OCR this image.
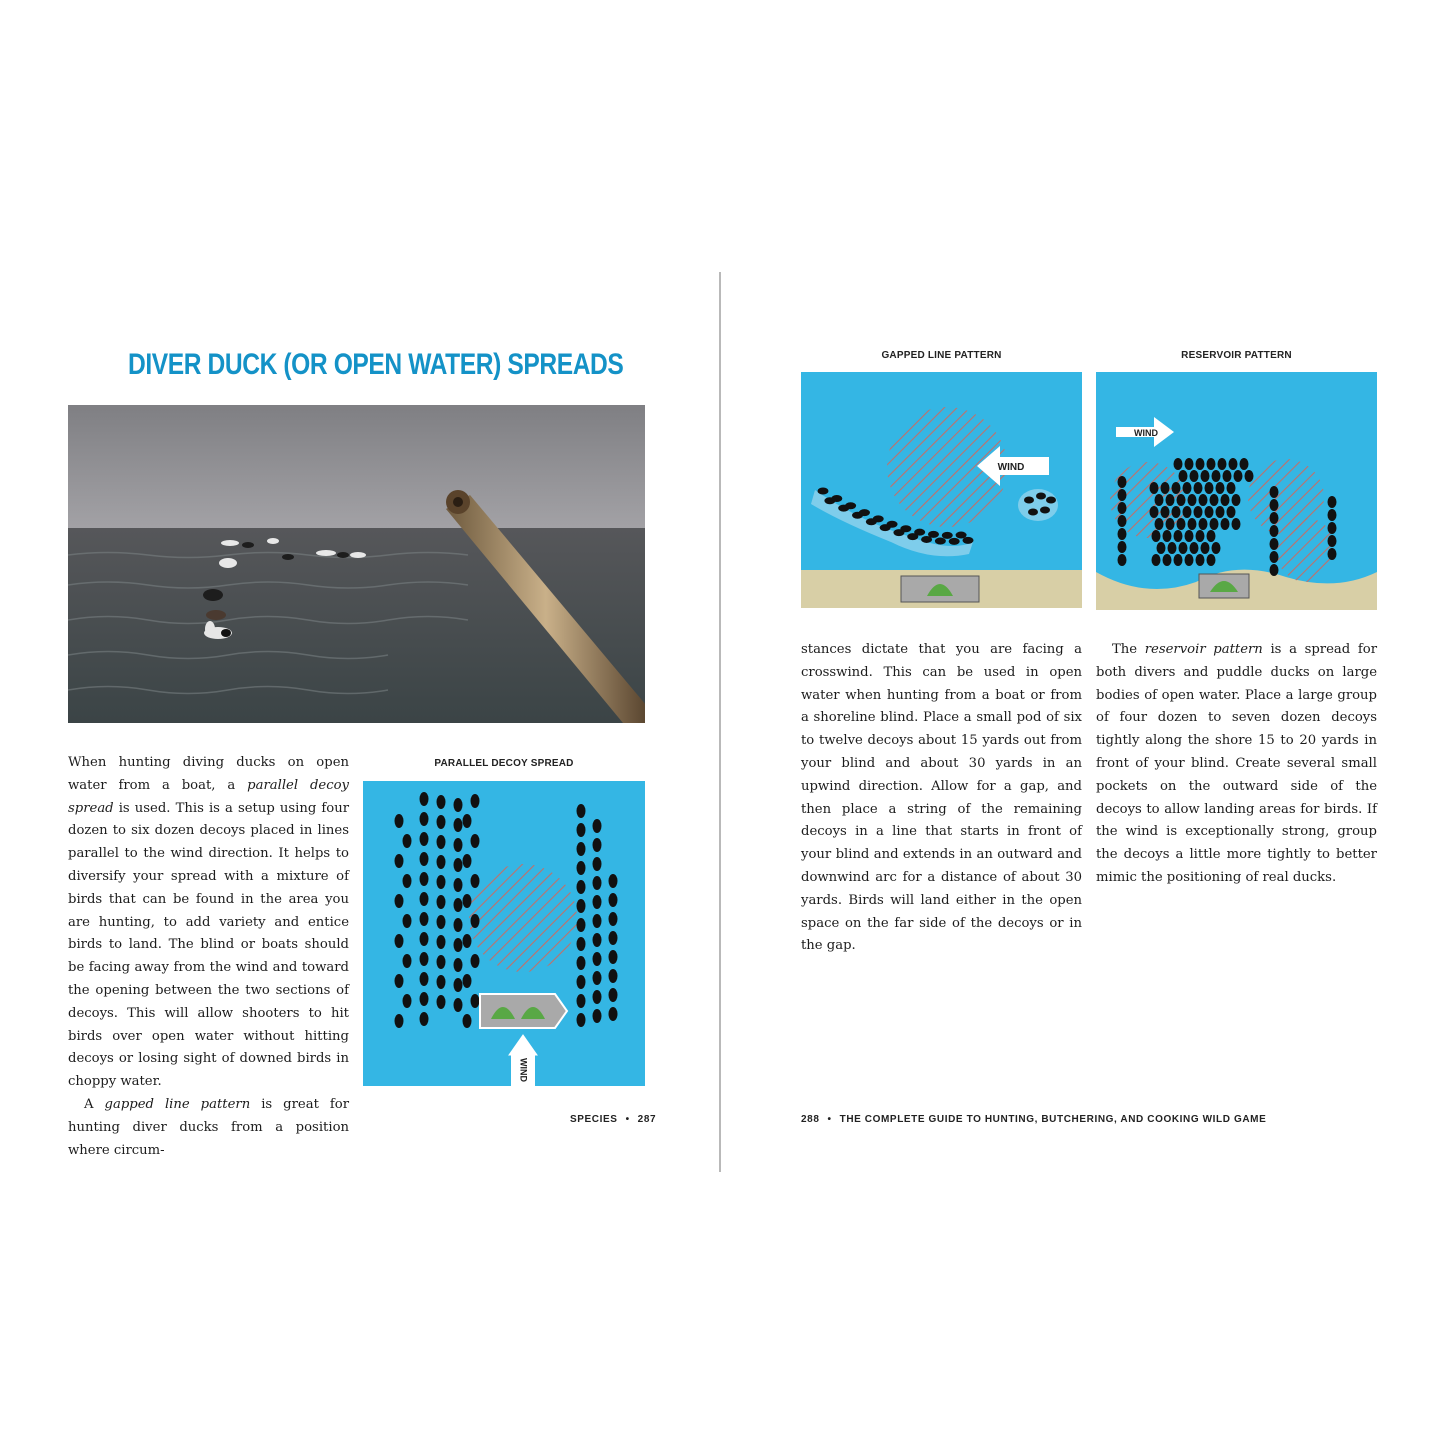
DIVER DUCK (OR OPEN WATER) SPREADS

When hunting diving ducks on open water from a boat, a parallel decoy spread is used. This is a setup using four dozen to six dozen decoys placed in lines parallel to the wind direction. It helps to diversify your spread with a mixture of birds that can be found in the area you are hunting, to add variety and entice birds to land. The blind or boats should be facing away from the wind and toward the opening between the two sections of decoys. This will allow shooters to hit birds over open water without hitting decoys or losing sight of downed birds in choppy water.

A gapped line pattern is great for hunting diver ducks from a position where circum-

PARALLEL DECOY SPREAD
WIND
SPECIES • 287
GAPPED LINE PATTERN
WIND
RESERVOIR PATTERN
WIND

stances dictate that you are facing a crosswind. This can be used in open water when hunting from a boat or from a shoreline blind. Place a small pod of six to twelve decoys about 15 yards out from your blind and about 30 yards in an upwind direction. Allow for a gap, and then place a string of the remaining decoys in a line that starts in front of your blind and extends in an outward and downwind arc for a distance of about 30 yards. Birds will land either in the open space on the far side of the decoys or in the gap.

The reservoir pattern is a spread for both divers and puddle ducks on large bodies of open water. Place a large group of four dozen to seven dozen decoys tightly along the shore 15 to 20 yards in front of your blind. Create several small pockets on the outward side of the decoys to allow landing areas for birds. If the wind is exceptionally strong, group the decoys a little more tightly to better mimic the positioning of real ducks.

288 • THE COMPLETE GUIDE TO HUNTING, BUTCHERING, AND COOKING WILD GAME
